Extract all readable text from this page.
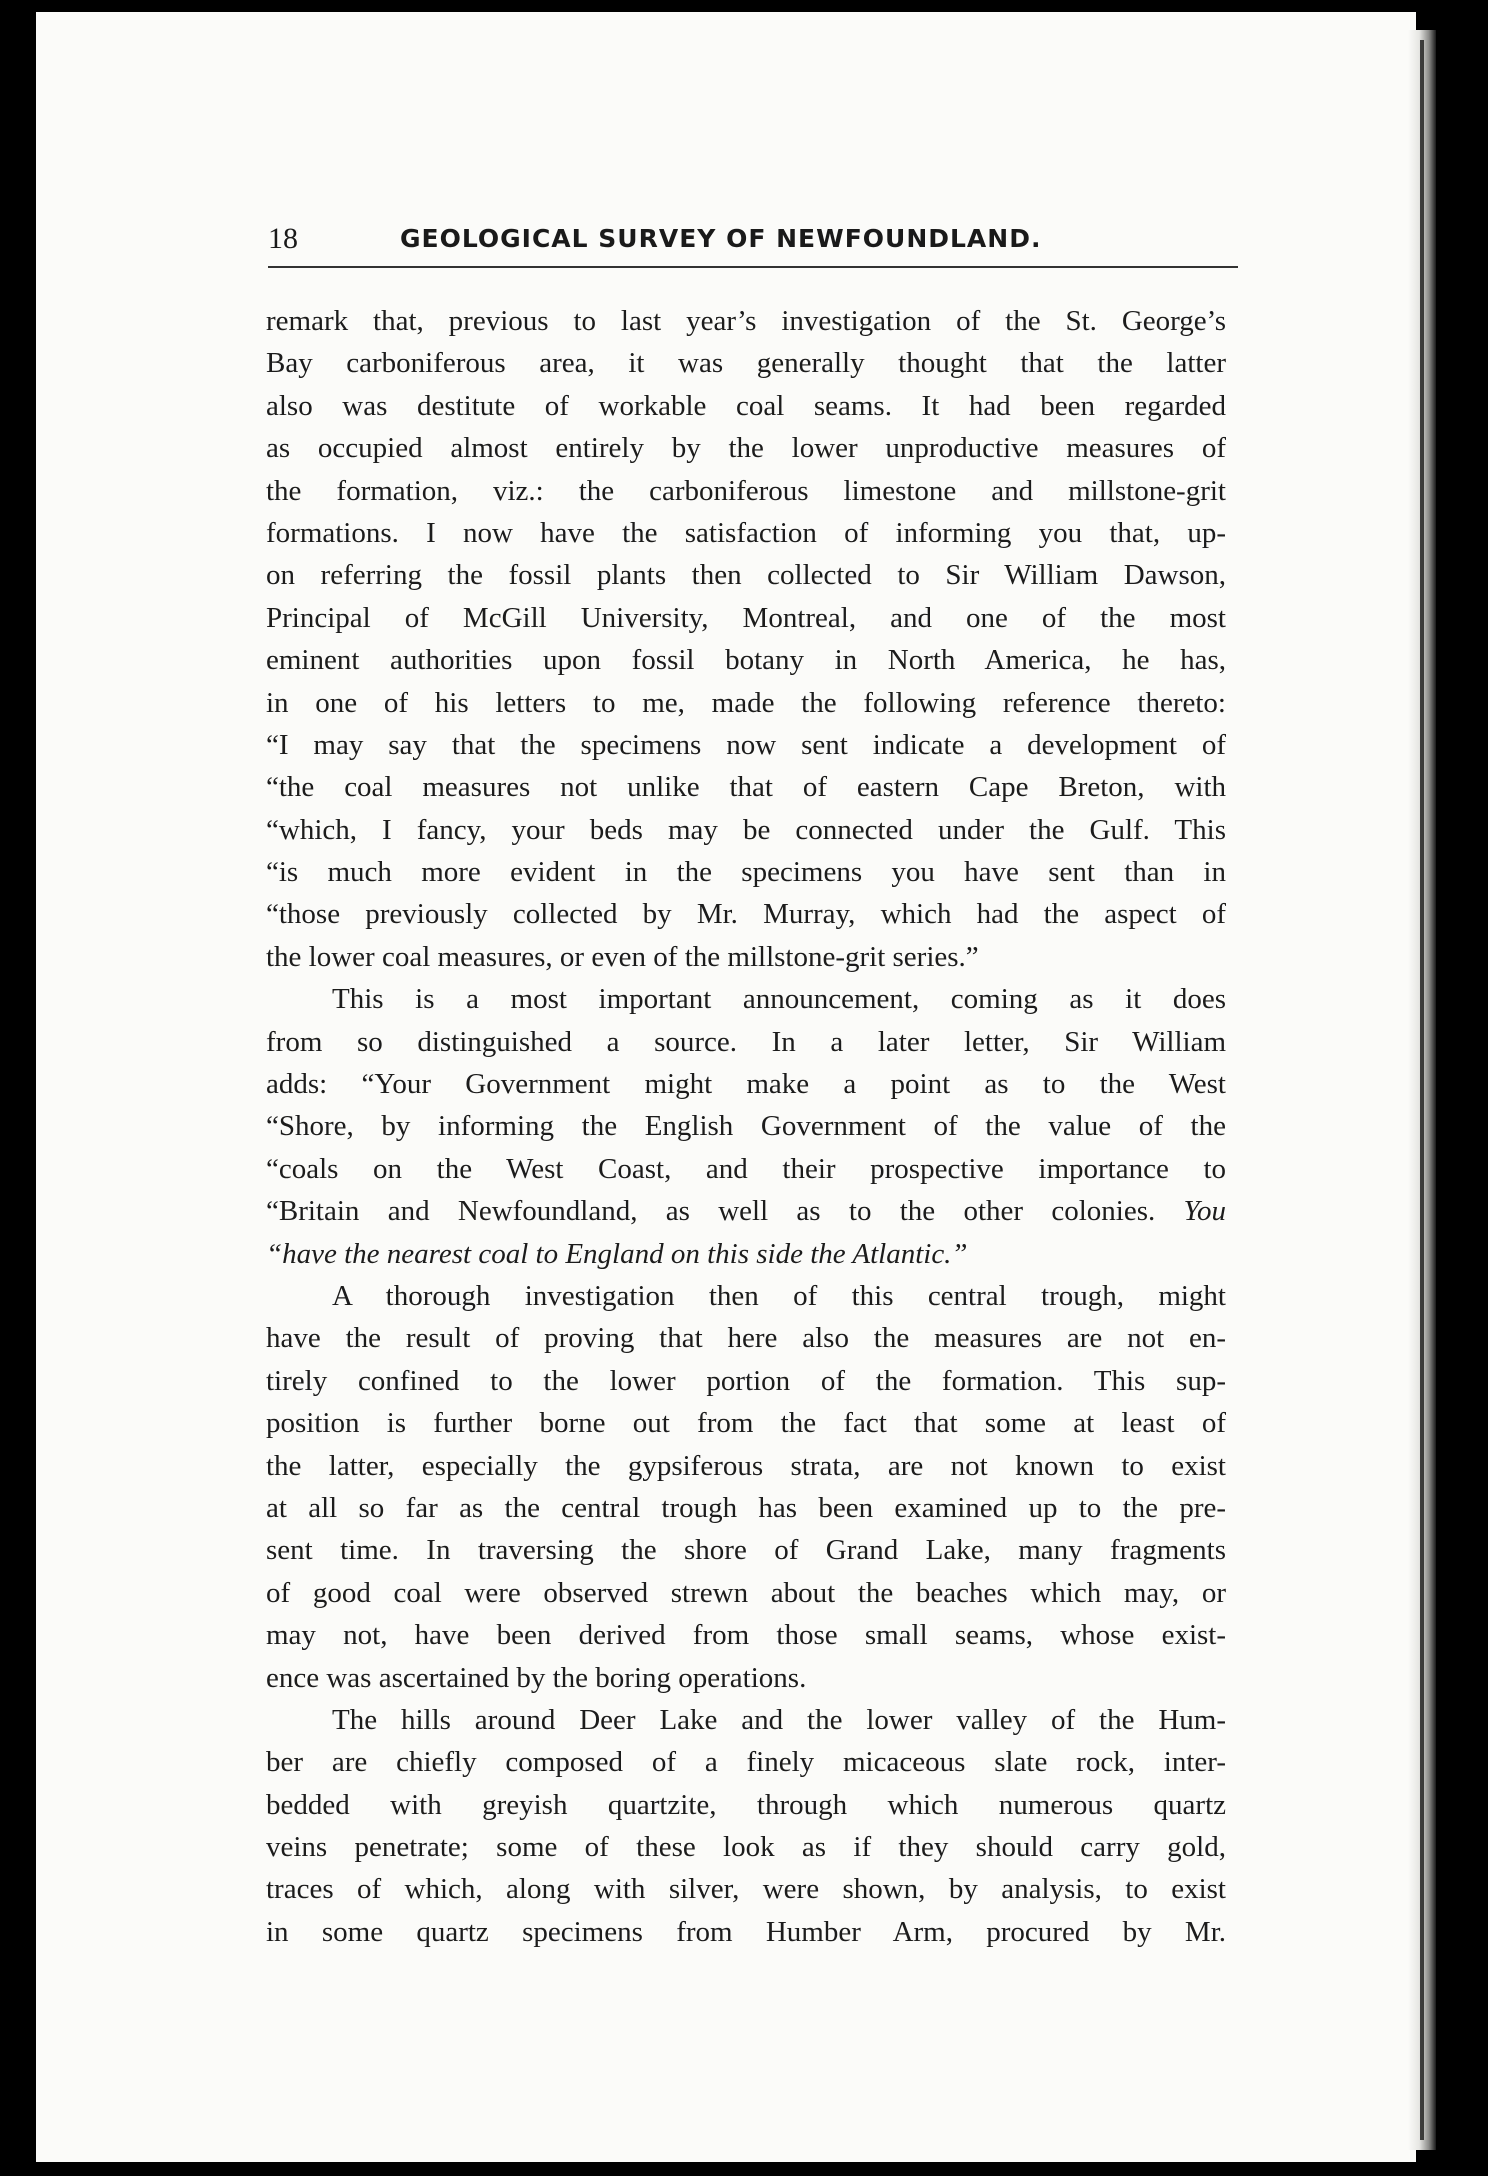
18	GEOLOGICAL SURVEY OF NEWFOUNDLAND.
remark that, previous to last year’s investigation of the St. George’s
Bay carboniferous area, it was generally thought that the latter
also was destitute of workable coal seams. It had been regarded
as occupied almost entirely by the lower unproductive measures of
the formation, viz.: the carboniferous limestone and millstone-grit
formations. I now have the satisfaction of informing you that, up-
on referring the fossil plants then collected to Sir William Dawson,
Principal of McGill University, Montreal, and one of the most
eminent authorities upon fossil botany in North America, he has,
in one of his letters to me, made the following reference thereto:
“I may say that the specimens now sent indicate a development of
“the coal measures not unlike that of eastern Cape Breton, with
“which, I fancy, your beds may be connected under the Gulf. This
“is much more evident in the specimens you have sent than in
“those previously collected by Mr. Murray, which had the aspect of
the lower coal measures, or even of the millstone-grit series.”
This is a most important announcement, coming as it does
from so distinguished a source. In a later letter, Sir William
adds: “Your Government might make a point as to the West
“Shore, by informing the English Government of the value of the
“coals on the West Coast, and their prospective importance to
“Britain and Newfoundland, as well as to the other colonies. You
“have the nearest coal to England on this side the Atlantic.”
A thorough investigation then of this central trough, might
have the result of proving that here also the measures are not en-
tirely confined to the lower portion of the formation. This sup-
position is further borne out from the fact that some at least of
the latter, especially the gypsiferous strata, are not known to exist
at all so far as the central trough has been examined up to the pre-
sent time. In traversing the shore of Grand Lake, many fragments
of good coal were observed strewn about the beaches which may, or
may not, have been derived from those small seams, whose exist-
ence was ascertained by the boring operations.
The hills around Deer Lake and the lower valley of the Hum-
ber are chiefly composed of a finely micaceous slate rock, inter-
bedded with greyish quartzite, through which numerous quartz
veins penetrate; some of these look as if they should carry gold,
traces of which, along with silver, were shown, by analysis, to exist
in some quartz specimens from Humber Arm, procured by Mr.
